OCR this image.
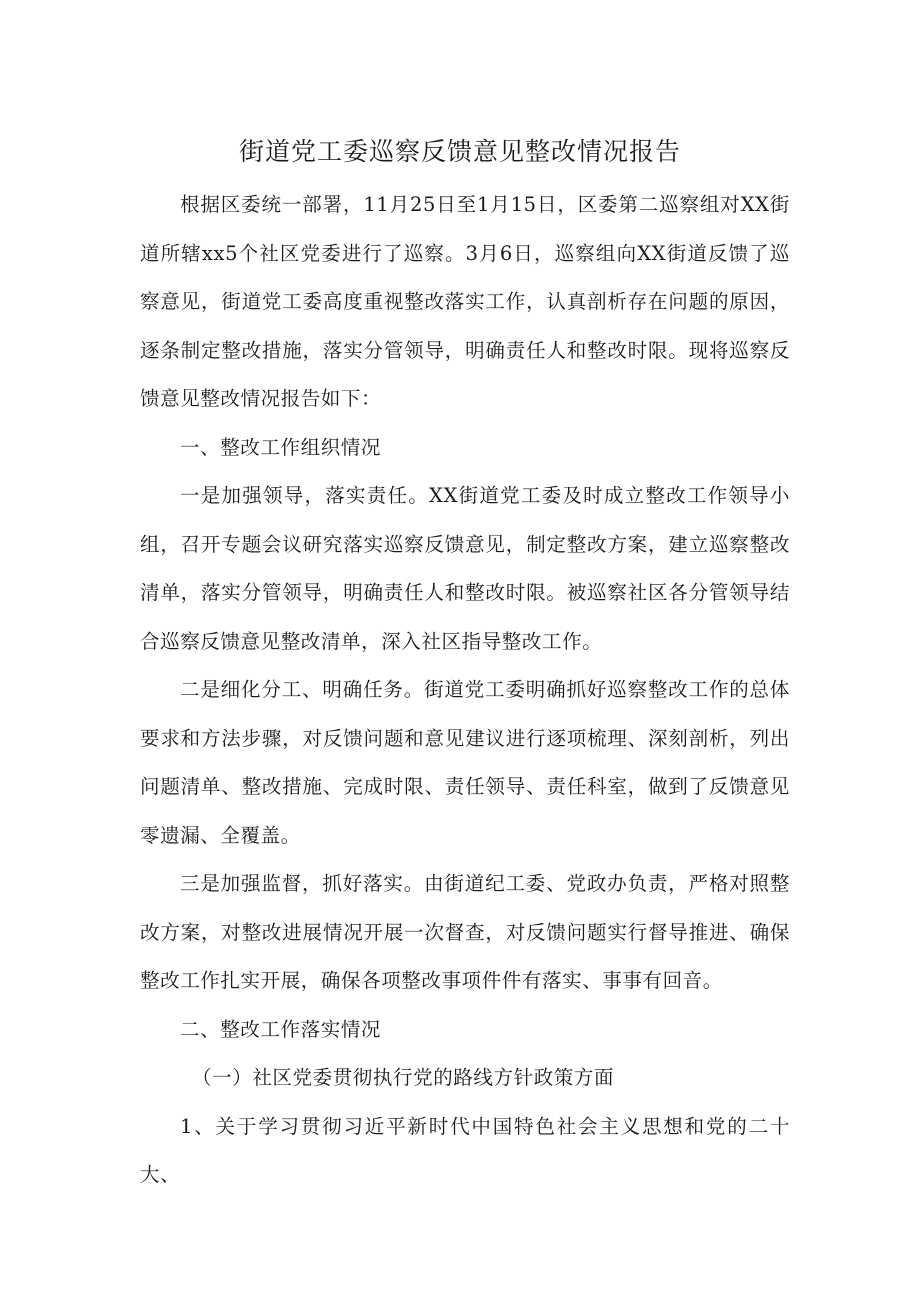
街道党工委巡察反馈意见整改情况报告

根据区委统一部署，11月25日至1月15日，区委第二巡察组对XX街道所辖xx5个社区党委进行了巡察。3月6日，巡察组向XX街道反馈了巡察意见，街道党工委高度重视整改落实工作，认真剖析存在问题的原因，逐条制定整改措施，落实分管领导，明确责任人和整改时限。现将巡察反馈意见整改情况报告如下：

一、整改工作组织情况

一是加强领导，落实责任。XX街道党工委及时成立整改工作领导小组，召开专题会议研究落实巡察反馈意见，制定整改方案，建立巡察整改清单，落实分管领导，明确责任人和整改时限。被巡察社区各分管领导结合巡察反馈意见整改清单，深入社区指导整改工作。

二是细化分工、明确任务。街道党工委明确抓好巡察整改工作的总体要求和方法步骤，对反馈问题和意见建议进行逐项梳理、深刻剖析，列出问题清单、整改措施、完成时限、责任领导、责任科室，做到了反馈意见零遗漏、全覆盖。

三是加强监督，抓好落实。由街道纪工委、党政办负责，严格对照整改方案，对整改进展情况开展一次督查，对反馈问题实行督导推进、确保整改工作扎实开展，确保各项整改事项件件有落实、事事有回音。

二、整改工作落实情况

（一）社区党委贯彻执行党的路线方针政策方面

1、关于学习贯彻习近平新时代中国特色社会主义思想和党的二十大、
